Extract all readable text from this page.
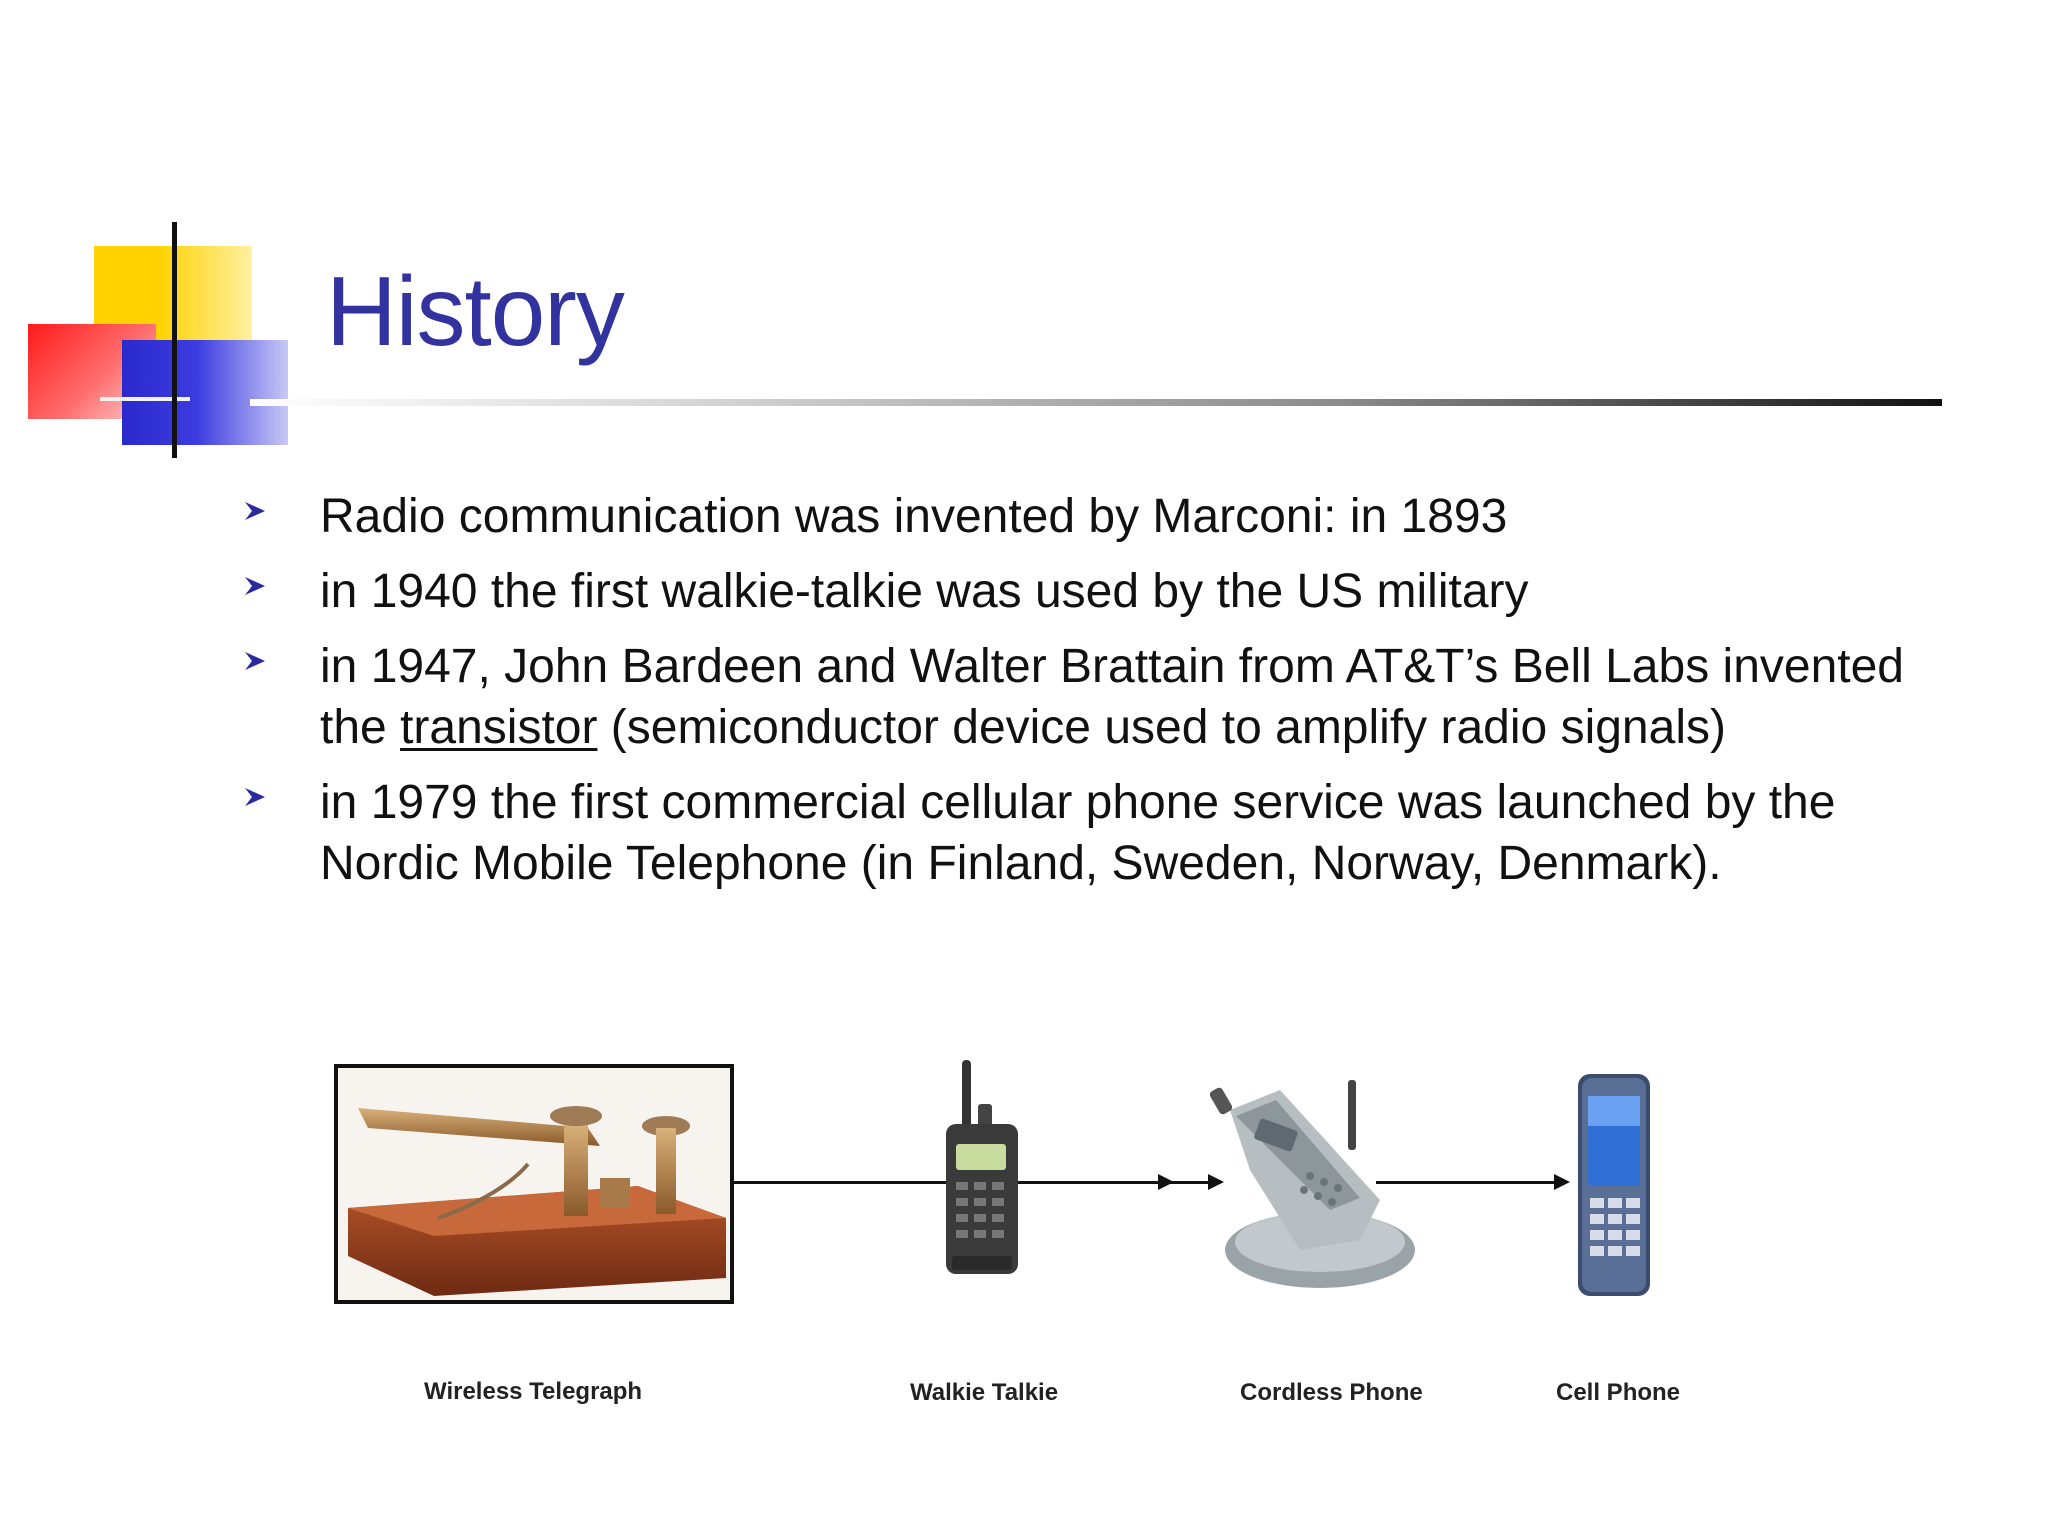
History
Radio communication was invented by Marconi: in 1893
in 1940 the first walkie-talkie was used by the US military
in 1947, John Bardeen and Walter Brattain from AT&T’s Bell Labs invented the transistor (semiconductor device used to amplify radio signals)
in 1979 the first commercial cellular phone service was launched by the Nordic Mobile Telephone (in Finland, Sweden, Norway, Denmark).
Wireless Telegraph	Walkie Talkie	Cordless Phone	Cell Phone
